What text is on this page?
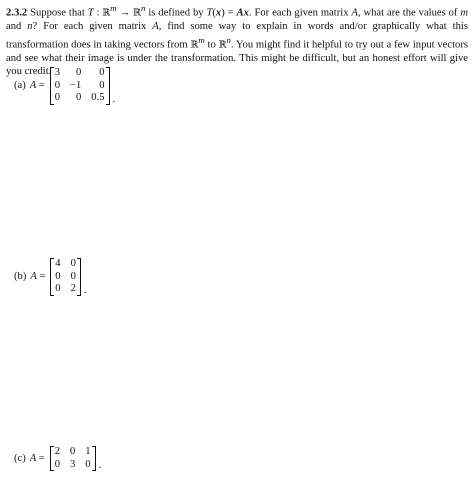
2.3.2 Suppose that T : ℝ$^m$ → ℝ$^n$ is defined by T(x) = Ax. For each given matrix A, what are the values of m and n? For each given matrix A, find some way to explain in words and/or graphically what this transformation does in taking vectors from ℝ$^m$ to ℝ$^n$. You might find it helpful to try out a few input vectors and see what their image is under the transformation. This might be difficult, but an honest effort will give you credit.
(a) A =
3	0	0
0 −1	0
0	0 0.5 .
(b) A =
4 0
0 0
0 2 .
(c) A =
2 0 1
0 3 0 .
